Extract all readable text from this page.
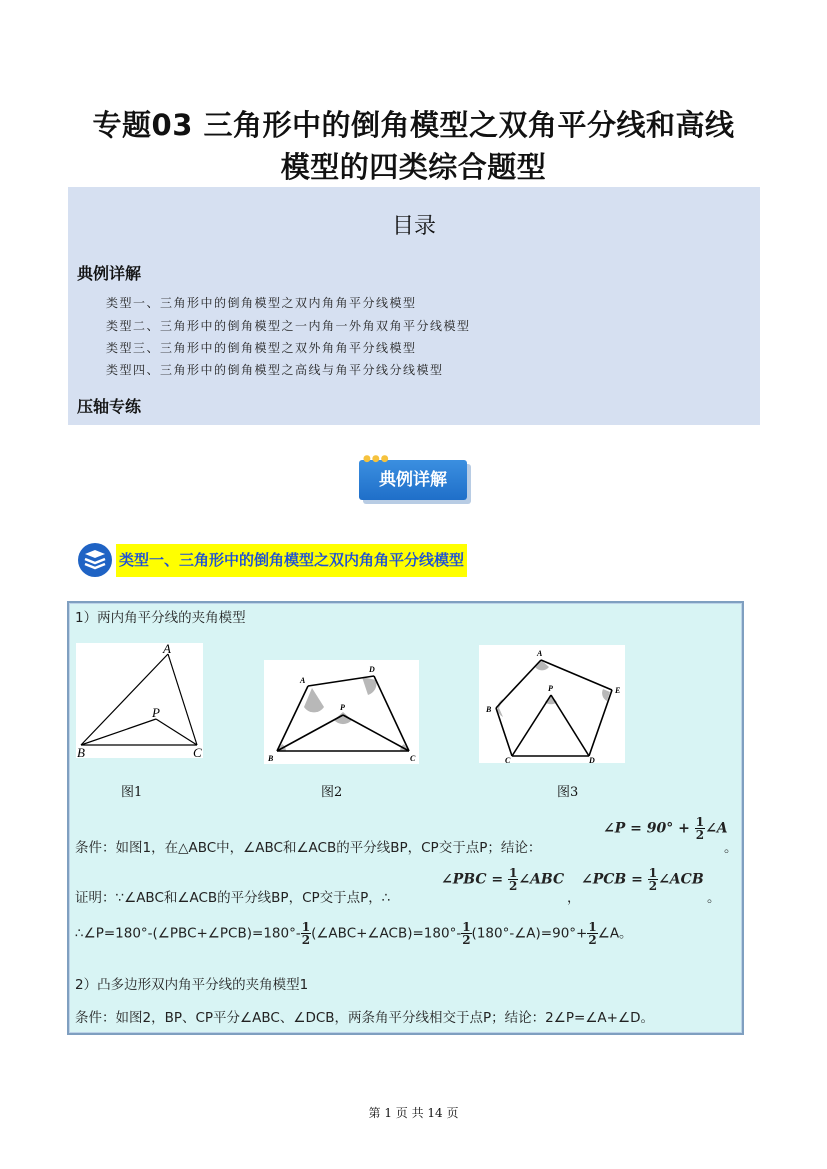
专题03 三角形中的倒角模型之双角平分线和高线
模型的四类综合题型
目录
典例详解
类型一、三角形中的倒角模型之双内角角平分线模型
类型二、三角形中的倒角模型之一内角一外角双角平分线模型
类型三、三角形中的倒角模型之双外角角平分线模型
类型四、三角形中的倒角模型之高线与角平分线分线模型
压轴专练
典例详解
●●●
类型一、三角形中的倒角模型之双内角角平分线模型
1）两内角平分线的夹角模型
A
P
B	C
A
D
P
B	C
A
P
B
E
C	D
图1	图2	图3
条件：如图1，在△ABC中，∠ABC和∠ACB的平分线BP，CP交于点P；结论：
∠P = $90^\circ + \frac{1}{2}$ ∠A
。
证明：∵∠ABC和∠ACB的平分线BP，CP交于点P，∴
∠PBC = $\frac{1}{2}$ ∠ABC
，
∠PCB = $\frac{1}{2}$ ∠ACB
。
∴∠P=180°-(∠PBC+∠PCB)=180°- $\frac{1}{2}$ (∠ABC+∠ACB)=180°- $\frac{1}{2}$ (180°-∠A)=90°+ $\frac{1}{2}$ ∠A。
2）凸多边形双内角平分线的夹角模型1
条件：如图2，BP、CP平分∠ABC、∠DCB，两条角平分线相交于点P；结论：2∠P=∠A+∠D。
第 1 页 共 14 页
